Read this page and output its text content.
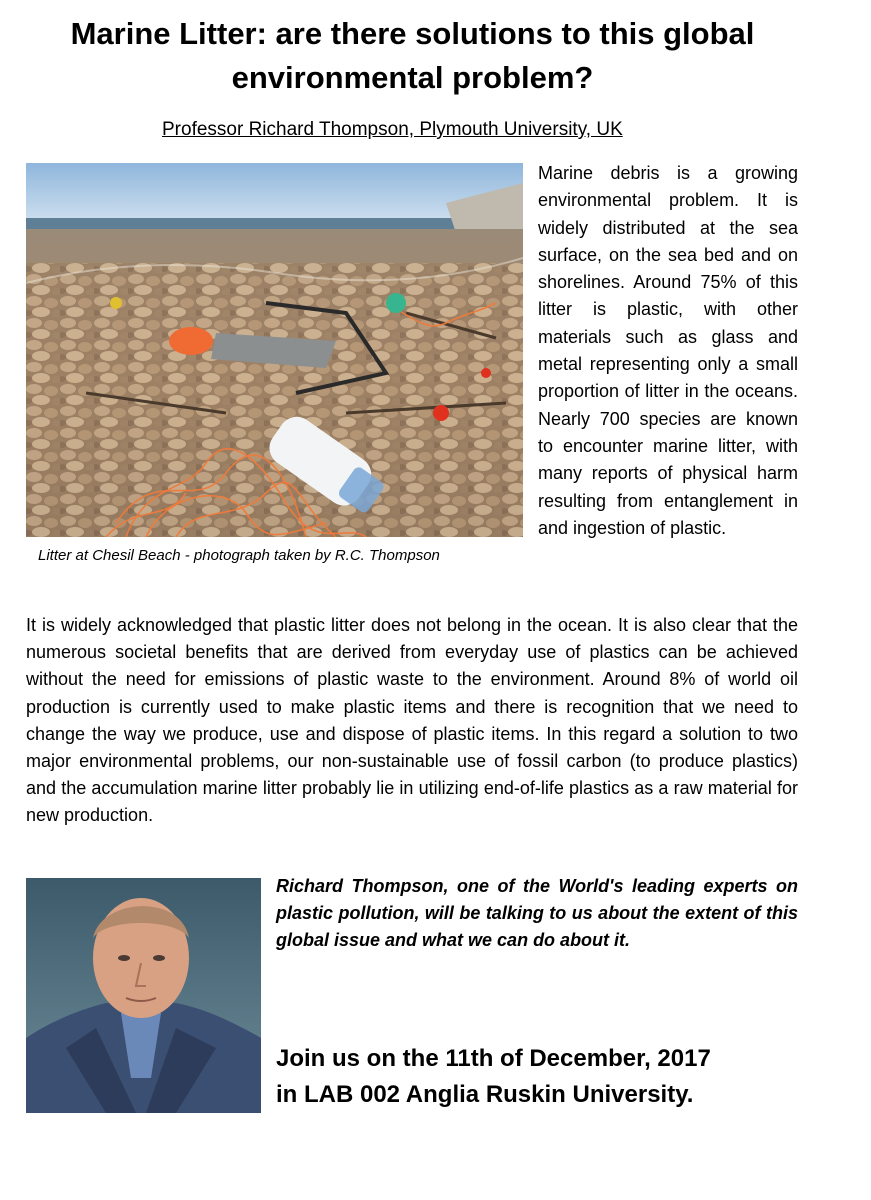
Marine Litter: are there solutions to this global environmental problem?
Professor Richard Thompson, Plymouth University, UK
Litter at Chesil Beach - photograph taken by R.C. Thompson

Marine debris is a growing environmental problem. It is widely distributed at the sea surface, on the sea bed and on shorelines. Around 75% of this litter is plastic, with other materials such as glass and metal representing only a small proportion of litter in the oceans. Nearly 700 species are known to encounter marine litter, with many reports of physical harm resulting from entanglement in and ingestion of plastic.

It is widely acknowledged that plastic litter does not belong in the ocean. It is also clear that the numerous societal benefits that are derived from everyday use of plastics can be achieved without the need for emissions of plastic waste to the environment. Around 8% of world oil production is currently used to make plastic items and there is recognition that we need to change the way we produce, use and dispose of plastic items. In this regard a solution to two major environmental problems, our non-sustainable use of fossil carbon (to produce plastics) and the accumulation marine litter probably lie in utilizing end-of-life plastics as a raw material for new production.

Richard Thompson, one of the World's leading experts on plastic pollution, will be talking to us about the extent of this global issue and what we can do about it.

Join us on the 11th of December, 2017
in LAB 002 Anglia Ruskin University.
